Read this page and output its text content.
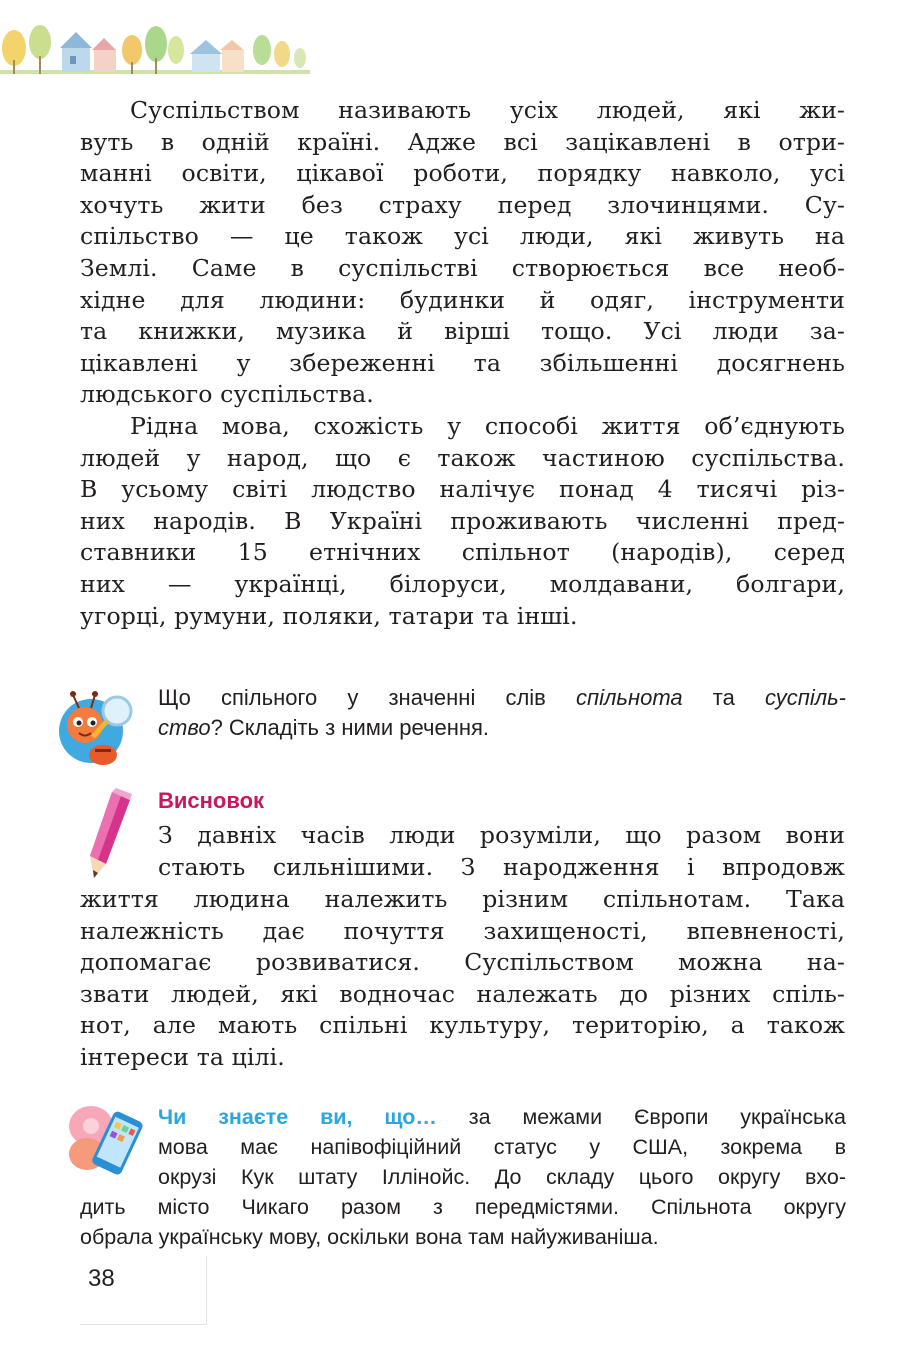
Суспільством називають усіх людей, які жи-
вуть в одній країні. Адже всі зацікавлені в отри-
манні освіти, цікавої роботи, порядку навколо, усі
хочуть жити без страху перед злочинцями. Су-
спільство — це також усі люди, які живуть на
Землі. Саме в суспільстві створюється все необ-
хідне для людини: будинки й одяг, інструменти
та книжки, музика й вірші тощо. Усі люди за-
цікавлені у збереженні та збільшенні досягнень
людського суспільства.
Рідна мова, схожість у способі життя об’єднують
людей у народ, що є також частиною суспільства.
В усьому світі людство налічує понад 4 тисячі різ-
них народів. В Україні проживають численні пред-
ставники 15 етнічних спільнот (народів), серед
них — українці, білоруси, молдавани, болгари,
угорці, румуни, поляки, татари та інші.
Що спільного у значенні слів спільнота та суспіль-
ство? Складіть з ними речення.
Висновок
З давніх часів люди розуміли, що разом вони
стають сильнішими. З народження і впродовж
життя людина належить різним спільнотам. Така
належність дає почуття захищеності, впевненості,
допомагає розвиватися. Суспільством можна на-
звати людей, які водночас належать до різних спіль-
нот, але мають спільні культуру, територію, а також
інтереси та цілі.
Чи знаєте ви, що… за межами Європи українська
мова має напівофіційний статус у США, зокрема в
окрузі Кук штату Іллінойс. До складу цього округу вхо-
дить місто Чикаго разом з передмістями. Спільнота округу
обрала українську мову, оскільки вона там найуживаніша.
38
